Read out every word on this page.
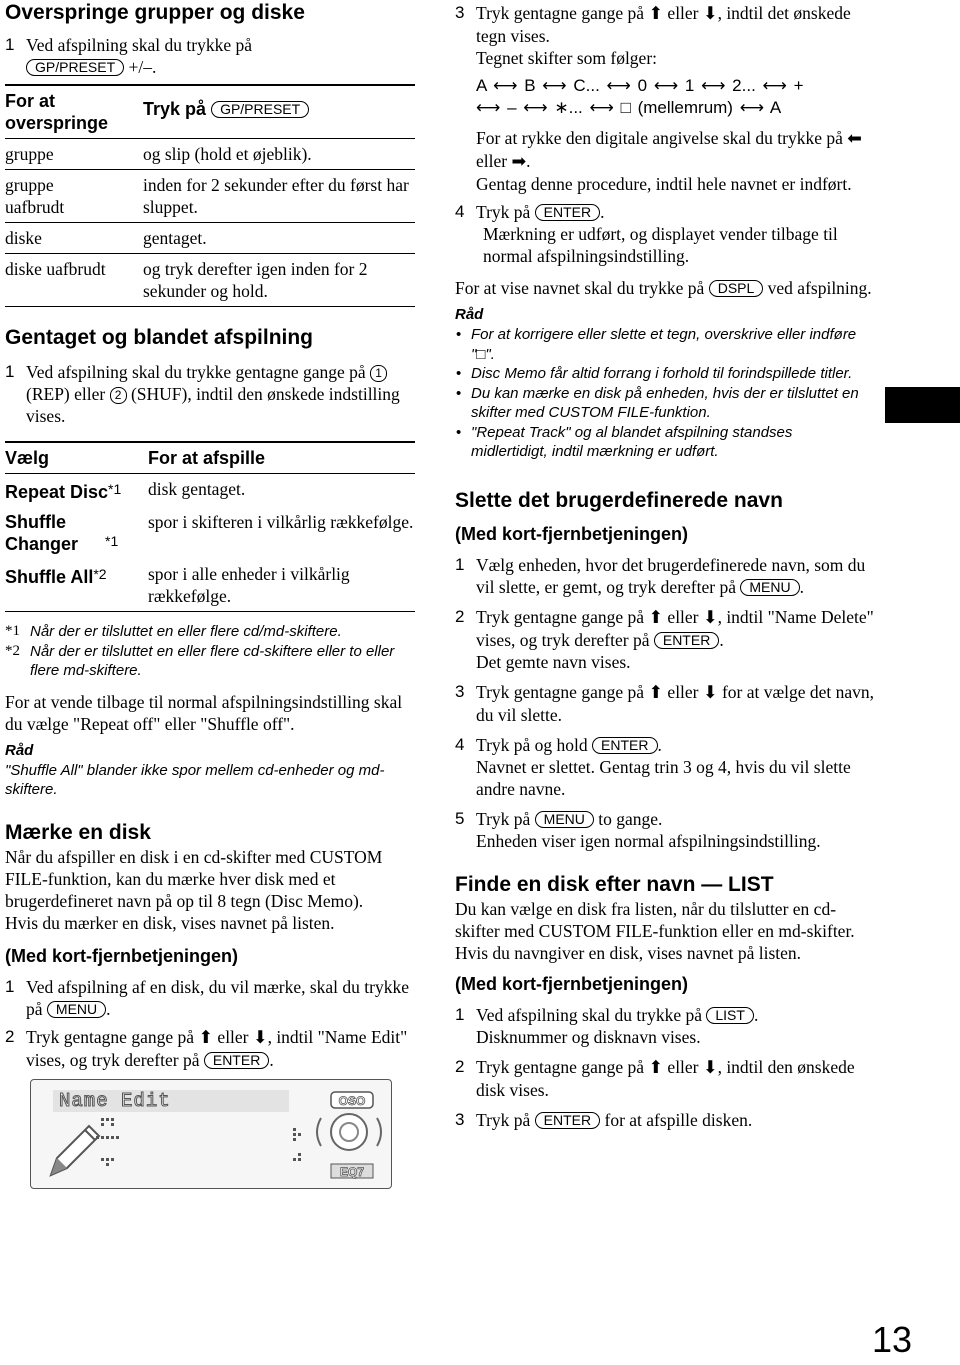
Overspringe grupper og diske
1 Ved afspilning skal du trykke på
GP/PRESET +/–.
For at overspringe	Tryk på GP/PRESET
gruppe	og slip (hold et øjeblik).
gruppe uafbrudt	inden for 2 sekunder efter du først har sluppet.
diske	gentaget.
diske uafbrudt	og tryk derefter igen inden for 2 sekunder og hold.
Gentaget og blandet afspilning
1 Ved afspilning skal du trykke gentagne gange på 1 (REP) eller 2 (SHUF), indtil den ønskede indstilling vises.
Vælg	For at afspille
Repeat Disc$^{*1}$	disk gentaget.
Shuffle Changer $^{*1}$	spor i skifteren i vilkårlig rækkefølge.
Shuffle All$^{*2}$	spor i alle enheder i vilkårlig rækkefølge.
*1 Når der er tilsluttet en eller flere cd/md-skiftere.
*2 Når der er tilsluttet en eller flere cd-skiftere eller to eller flere md-skiftere.

For at vende tilbage til normal afspilningsindstilling skal du vælge "Repeat off" eller "Shuffle off".

Råd
"Shuffle All" blander ikke spor mellem cd-enheder og md-skiftere.
Mærke en disk

Når du afspiller en disk i en cd-skifter med CUSTOM FILE-funktion, kan du mærke hver disk med et brugerdefineret navn på op til 8 tegn (Disc Memo).

Hvis du mærker en disk, vises navnet på listen.

(Med kort-fjernbetjeningen)
1 Ved afspilning af en disk, du vil mærke, skal du trykke på MENU .
2 Tryk gentagne gange på ⬆ eller ⬇, indtil "Name Edit" vises, og tryk derefter på ENTER .
Name Edit	OSO
EQ7
3 Tryk gentagne gange på ⬆ eller ⬇, indtil det ønskede tegn vises.

Tegnet skifter som følger:

A ⟷ B ⟷ C... ⟷ 0 ⟷ 1 ⟷ 2... ⟷ +
⟷ – ⟷ ∗... ⟷ □ (mellemrum) ⟷ A

For at rykke den digitale angivelse skal du trykke på ⬅ eller ➡.

Gentag denne procedure, indtil hele navnet er indført.

4 Tryk på ENTER .

Mærkning er udført, og displayet vender tilbage til normal afspilningsindstilling.

For at vise navnet skal du trykke på DSPL ved afspilning.

Råd
• For at korrigere eller slette et tegn, overskrive eller indføre "□".
• Disc Memo får altid forrang i forhold til forindspillede titler.
• Du kan mærke en disk på enheden, hvis der er tilsluttet en skifter med CUSTOM FILE-funktion.
• "Repeat Track" og al blandet afspilning standses midlertidigt, indtil mærkning er udført.
Slette det brugerdefinerede navn
(Med kort-fjernbetjeningen)
1 Vælg enheden, hvor det brugerdefinerede navn, som du vil slette, er gemt, og tryk derefter på MENU .
2 Tryk gentagne gange på ⬆ eller ⬇, indtil "Name Delete" vises, og tryk derefter på ENTER .
Det gemte navn vises.
3 Tryk gentagne gange på ⬆ eller ⬇ for at vælge det navn, du vil slette.
4 Tryk på og hold ENTER .
Navnet er slettet. Gentag trin 3 og 4, hvis du vil slette andre navne.
5 Tryk på MENU to gange.
Enheden viser igen normal afspilningsindstilling.
Finde en disk efter navn — LIST

Du kan vælge en disk fra listen, når du tilslutter en cd-skifter med CUSTOM FILE-funktion eller en md-skifter.

Hvis du navngiver en disk, vises navnet på listen.

(Med kort-fjernbetjeningen)
1 Ved afspilning skal du trykke på LIST .
Disknummer og disknavn vises.
2 Tryk gentagne gange på ⬆ eller ⬇, indtil den ønskede disk vises.
3 Tryk på ENTER for at afspille disken.
13
